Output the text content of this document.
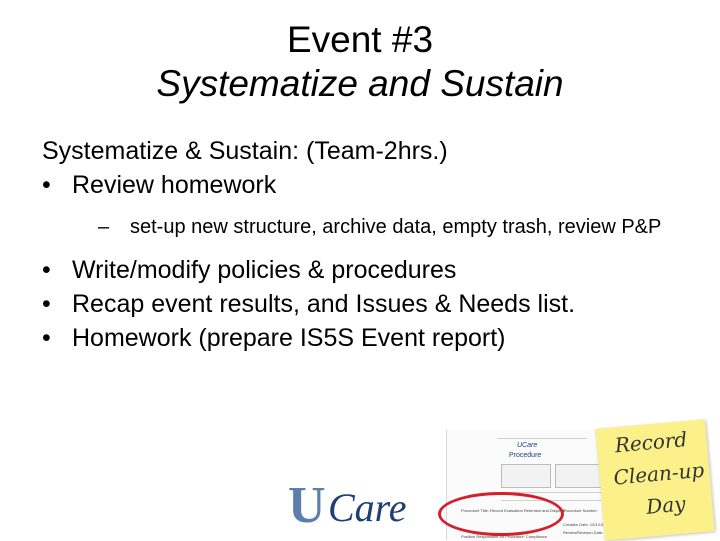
Event #3
Systematize and Sustain

Systematize & Sustain: (Team-2hrs.)

• Review homework
–	set-up new structure, archive data, empty trash, review P&P
• Write/modify policies & procedures
• Recap event results, and Issues & Needs list.
• Homework (prepare IS5S Event report)
UCare
Procedure
Procedure Title: Record Evaluation Retention and Disposal
Procedure Number:
Creation Date: 10/1/13
Review/Revision Date:
Position Responsible for Procedure: Compliance
U Care
Record
Clean-up
Day
